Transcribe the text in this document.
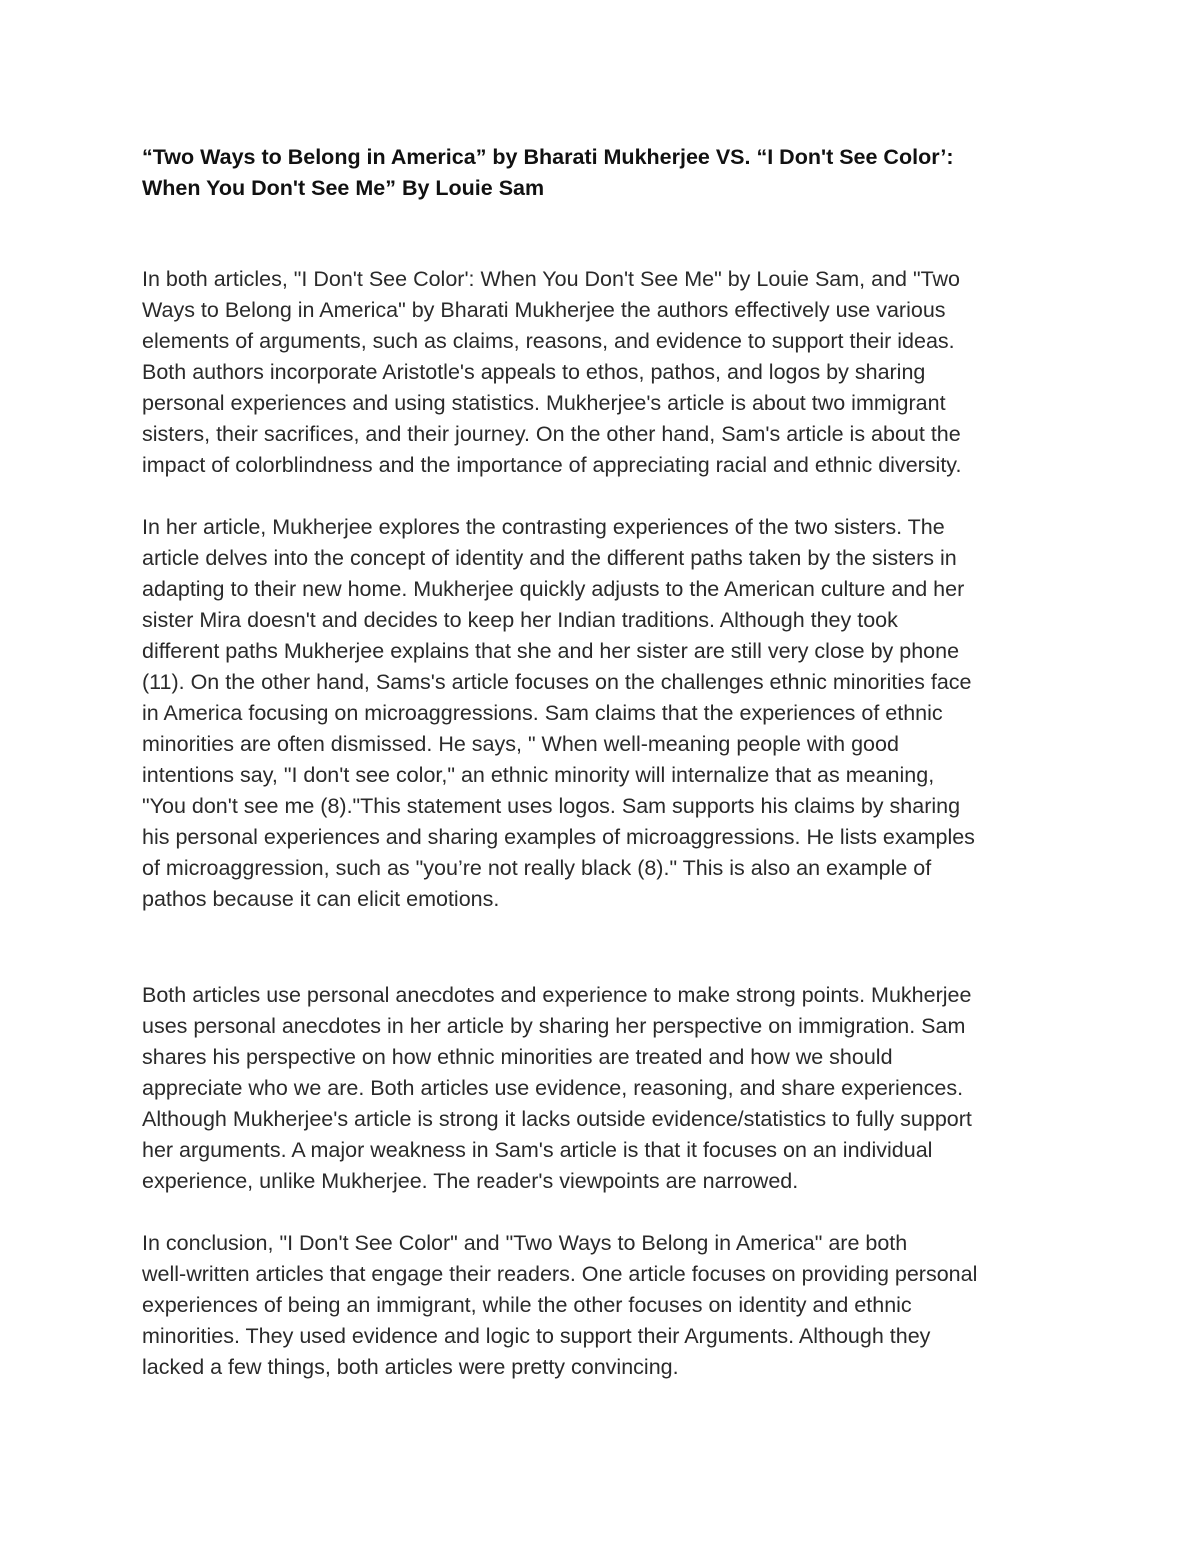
“Two Ways to Belong in America” by Bharati Mukherjee VS. “I Don't See Color’:
When You Don't See Me” By Louie Sam
In both articles, "I Don't See Color': When You Don't See Me" by Louie Sam, and "Two
Ways to Belong in America" by Bharati Mukherjee the authors effectively use various
elements of arguments, such as claims, reasons, and evidence to support their ideas.
Both authors incorporate Aristotle's appeals to ethos, pathos, and logos by sharing
personal experiences and using statistics. Mukherjee's article is about two immigrant
sisters, their sacrifices, and their journey. On the other hand, Sam's article is about the
impact of colorblindness and the importance of appreciating racial and ethnic diversity.
In her article, Mukherjee explores the contrasting experiences of the two sisters. The
article delves into the concept of identity and the different paths taken by the sisters in
adapting to their new home. Mukherjee quickly adjusts to the American culture and her
sister Mira doesn't and decides to keep her Indian traditions. Although they took
different paths Mukherjee explains that she and her sister are still very close by phone
(11). On the other hand, Sams's article focuses on the challenges ethnic minorities face
in America focusing on microaggressions. Sam claims that the experiences of ethnic
minorities are often dismissed. He says, " When well-meaning people with good
intentions say, "I don't see color," an ethnic minority will internalize that as meaning,
"You don't see me (8)."This statement uses logos. Sam supports his claims by sharing
his personal experiences and sharing examples of microaggressions. He lists examples
of microaggression, such as "you’re not really black (8)." This is also an example of
pathos because it can elicit emotions.
Both articles use personal anecdotes and experience to make strong points. Mukherjee
uses personal anecdotes in her article by sharing her perspective on immigration. Sam
shares his perspective on how ethnic minorities are treated and how we should
appreciate who we are. Both articles use evidence, reasoning, and share experiences.
Although Mukherjee's article is strong it lacks outside evidence/statistics to fully support
her arguments. A major weakness in Sam's article is that it focuses on an individual
experience, unlike Mukherjee. The reader's viewpoints are narrowed.
In conclusion, "I Don't See Color" and "Two Ways to Belong in America" are both
well-written articles that engage their readers. One article focuses on providing personal
experiences of being an immigrant, while the other focuses on identity and ethnic
minorities. They used evidence and logic to support their Arguments. Although they
lacked a few things, both articles were pretty convincing.
